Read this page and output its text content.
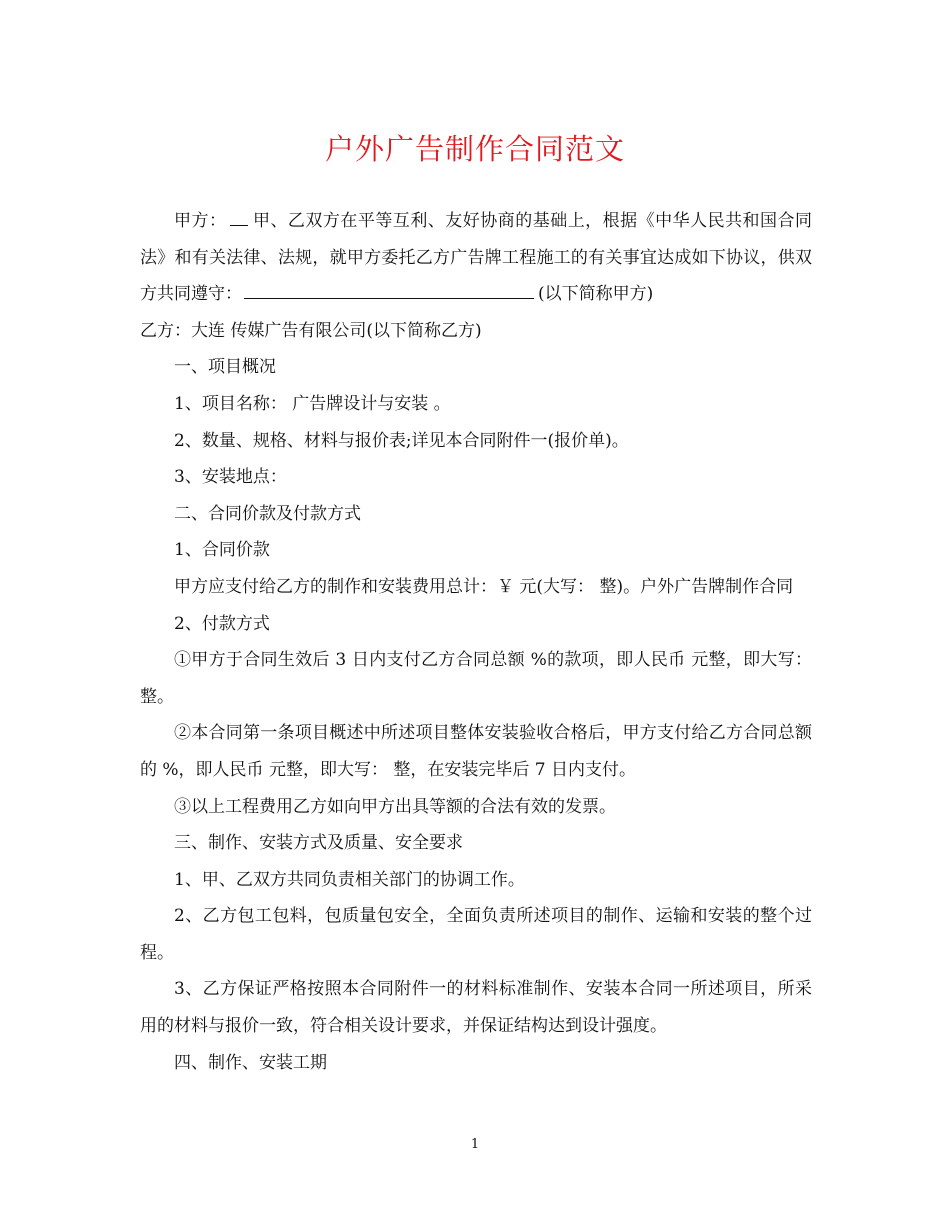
户外广告制作合同范文

甲方： 甲、乙双方在平等互利、友好协商的基础上，根据《中华人民共和国合同法》和有关法律、法规，就甲方委托乙方广告牌工程施工的有关事宜达成如下协议，供双方共同遵守：	(以下简称甲方)

乙方：大连 传媒广告有限公司(以下简称乙方)

一、项目概况

1、项目名称： 广告牌设计与安装 。

2、数量、规格、材料与报价表;详见本合同附件一(报价单)。

3、安装地点：

二、合同价款及付款方式

1、合同价款

甲方应支付给乙方的制作和安装费用总计：￥ 元(大写： 整)。户外广告牌制作合同

2、付款方式

①甲方于合同生效后 3 日内支付乙方合同总额 %的款项，即人民币 元整，即大写： 整。

②本合同第一条项目概述中所述项目整体安装验收合格后，甲方支付给乙方合同总额的 %，即人民币 元整，即大写： 整，在安装完毕后 7 日内支付。

③以上工程费用乙方如向甲方出具等额的合法有效的发票。

三、制作、安装方式及质量、安全要求

1、甲、乙双方共同负责相关部门的协调工作。

2、乙方包工包料，包质量包安全，全面负责所述项目的制作、运输和安装的整个过程。

3、乙方保证严格按照本合同附件一的材料标准制作、安装本合同一所述项目，所采用的材料与报价一致，符合相关设计要求，并保证结构达到设计强度。

四、制作、安装工期

1
